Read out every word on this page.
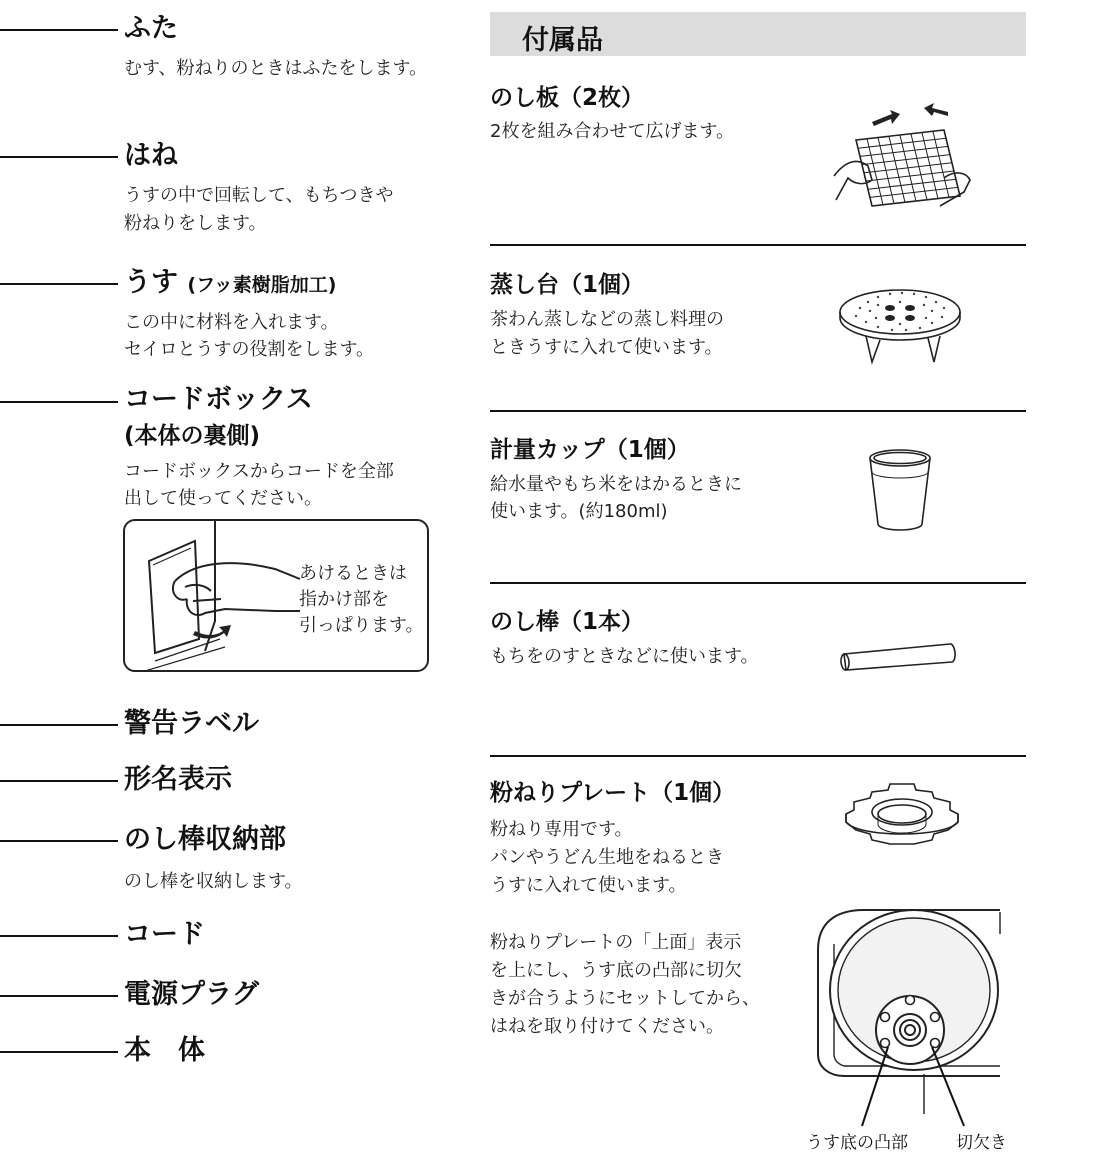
ふた
むす、粉ねりのときはふたをします。
はね
うすの中で回転して、もちつきや
粉ねりをします。
うす (フッ素樹脂加工)
この中に材料を入れます。
セイロとうすの役割をします。
コードボックス
(本体の裏側)
コードボックスからコードを全部
出して使ってください。
あけるときは
指かけ部を
引っぱります。
警告ラベル
形名表示
のし棒収納部
のし棒を収納します。
コード
電源プラグ
本　体
付属品
のし板（2枚）
2枚を組み合わせて広げます。
蒸し台（1個）
茶わん蒸しなどの蒸し料理の
ときうすに入れて使います。
計量カップ（1個）
給水量やもち米をはかるときに
使います。(約180ml)
のし棒（1本）
もちをのすときなどに使います。
粉ねりプレート（1個）
粉ねり専用です。
パンやうどん生地をねるとき
うすに入れて使います。
粉ねりプレートの「上面」表示
を上にし、うす底の凸部に切欠
きが合うようにセットしてから、
はねを取り付けてください。
うす底の凸部	切欠き
